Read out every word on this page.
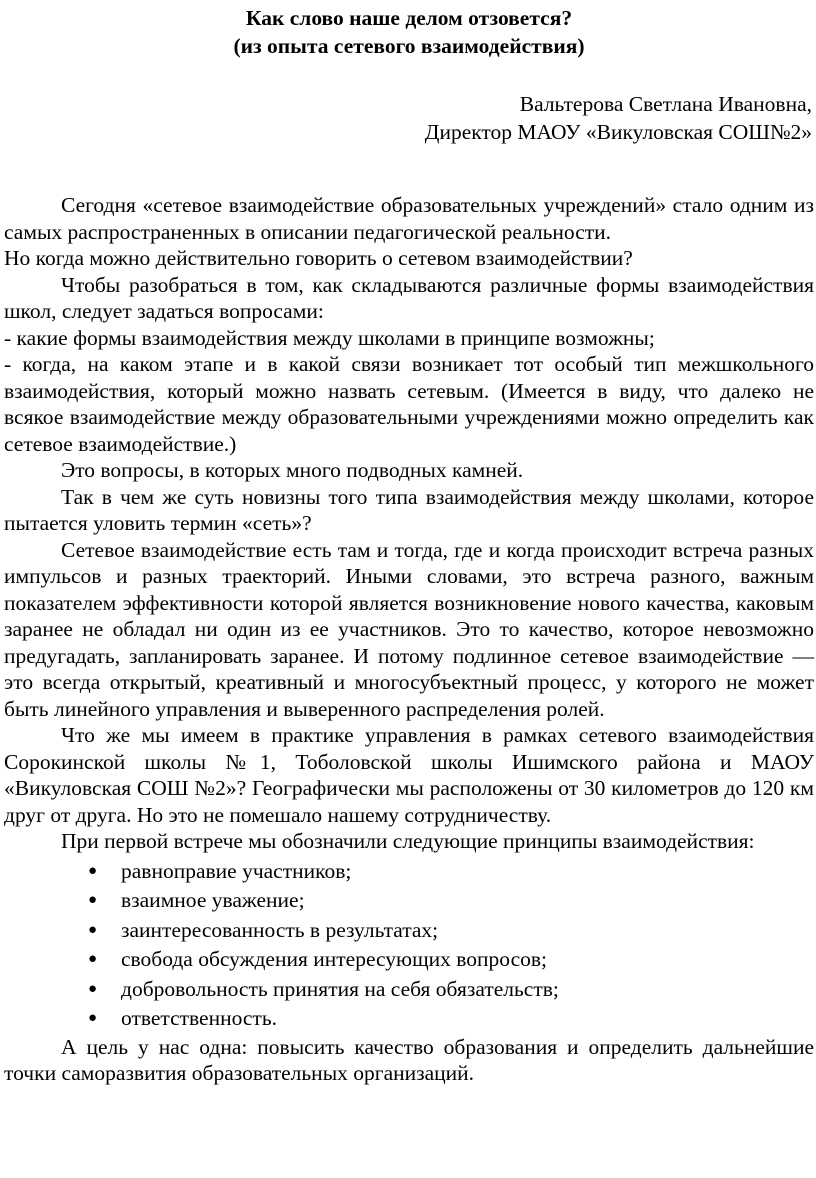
Как слово наше делом отзовется?
(из опыта сетевого взаимодействия)
Вальтерова Светлана Ивановна,
Директор МАОУ «Викуловская СОШ№2»

Сегодня «сетевое взаимодействие образовательных учреждений» стало одним из самых распространенных в описании педагогической реальности.

Но когда можно действительно говорить о сетевом взаимодействии?

Чтобы разобраться в том, как складываются различные формы взаимодействия школ, следует задаться вопросами:

- какие формы взаимодействия между школами в принципе возможны;

- когда, на каком этапе и в какой связи возникает тот особый тип межшкольного взаимодействия, который можно назвать сетевым. (Имеется в виду, что далеко не всякое взаимодействие между образовательными учреждениями можно определить как сетевое взаимодействие.)

Это вопросы, в которых много подводных камней.

Так в чем же суть новизны того типа взаимодействия между школами, которое пытается уловить термин «сеть»?

Сетевое взаимодействие есть там и тогда, где и когда происходит встреча разных импульсов и разных траекторий. Иными словами, это встреча разного, важным показателем эффективности которой является возникновение нового качества, каковым заранее не обладал ни один из ее участников. Это то качество, которое невозможно предугадать, запланировать заранее. И потому подлинное сетевое взаимодействие — это всегда открытый, креативный и многосубъектный процесс, у которого не может быть линейного управления и выверенного распределения ролей.

Что же мы имеем в практике управления в рамках сетевого взаимодействия Сорокинской школы №1, Тоболовской школы Ишимского района и МАОУ «Викуловская СОШ №2»? Географически мы расположены от 30 километров до 120 км друг от друга. Но это не помешало нашему сотрудничеству.

При первой встрече мы обозначили следующие принципы взаимодействия:

● равноправие участников;
● взаимное уважение;
● заинтересованность в результатах;
● свобода обсуждения интересующих вопросов;
● добровольность принятия на себя обязательств;
● ответственность.

А цель у нас одна: повысить качество образования и определить дальнейшие точки саморазвития образовательных организаций.
